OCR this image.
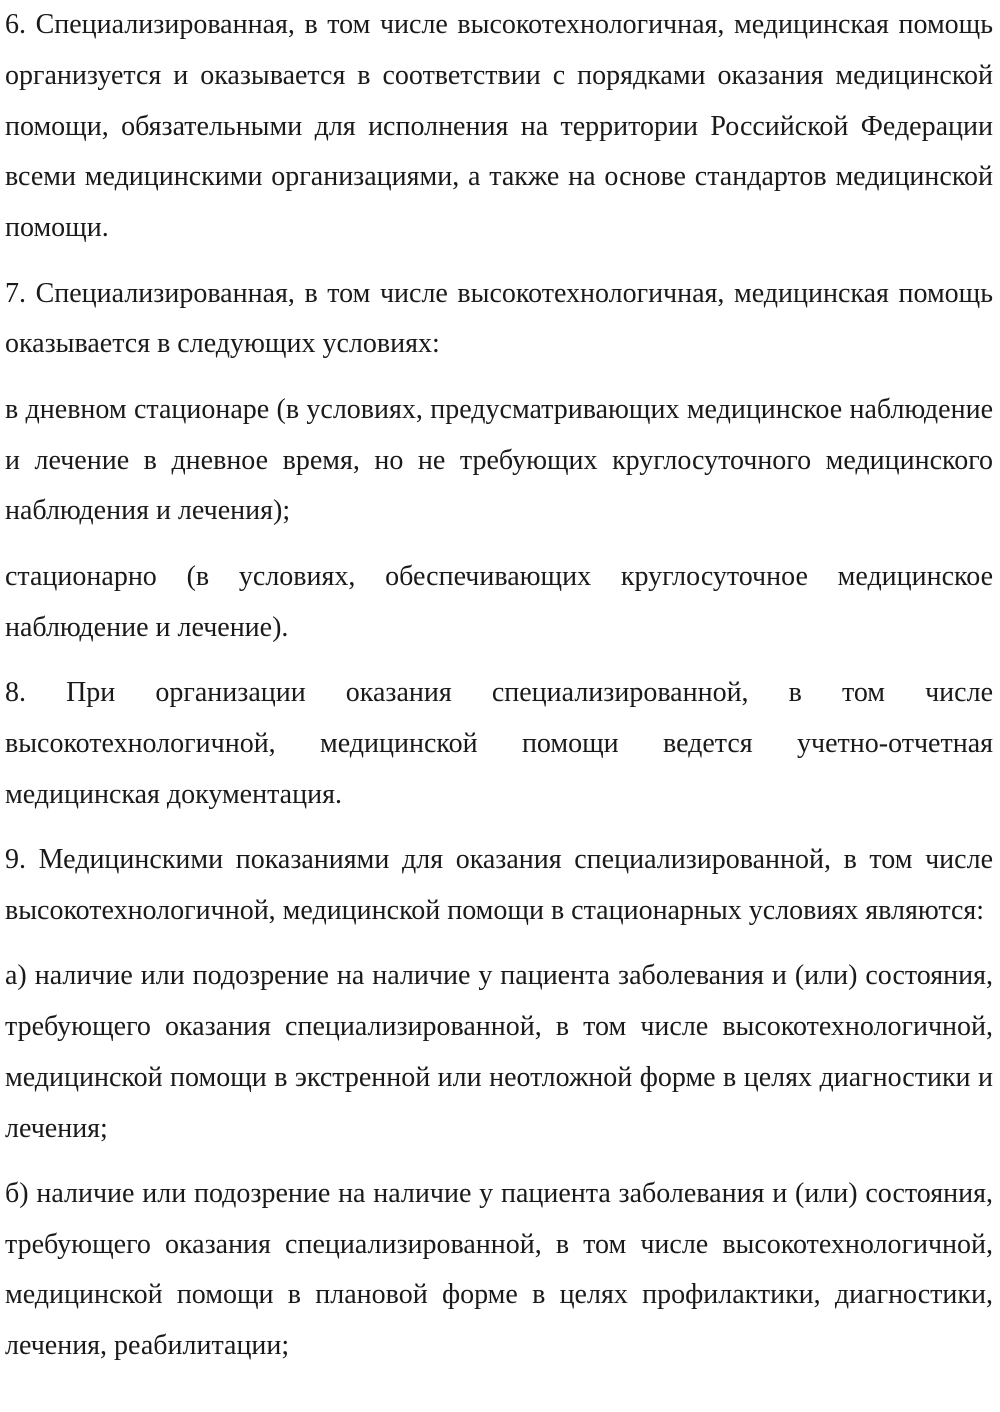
6. Специализированная, в том числе высокотехнологичная, медицинская помощь организуется и оказывается в соответствии с порядками оказания медицинской помощи, обязательными для исполнения на территории Российской Федерации всеми медицинскими организациями, а также на основе стандартов медицинской помощи.

7. Специализированная, в том числе высокотехнологичная, медицинская помощь оказывается в следующих условиях:

в дневном стационаре (в условиях, предусматривающих медицинское наблюдение и лечение в дневное время, но не требующих круглосуточного медицинского наблюдения и лечения);

стационарно (в условиях, обеспечивающих круглосуточное медицинское наблюдение и лечение).

8. При организации оказания специализированной, в том числе высокотехнологичной, медицинской помощи ведется учетно-отчетная медицинская документация.

9. Медицинскими показаниями для оказания специализированной, в том числе высокотехнологичной, медицинской помощи в стационарных условиях являются:

а) наличие или подозрение на наличие у пациента заболевания и (или) состояния, требующего оказания специализированной, в том числе высокотехнологичной, медицинской помощи в экстренной или неотложной форме в целях диагностики и лечения;

б) наличие или подозрение на наличие у пациента заболевания и (или) состояния, требующего оказания специализированной, в том числе высокотехнологичной, медицинской помощи в плановой форме в целях профилактики, диагностики, лечения, реабилитации;
